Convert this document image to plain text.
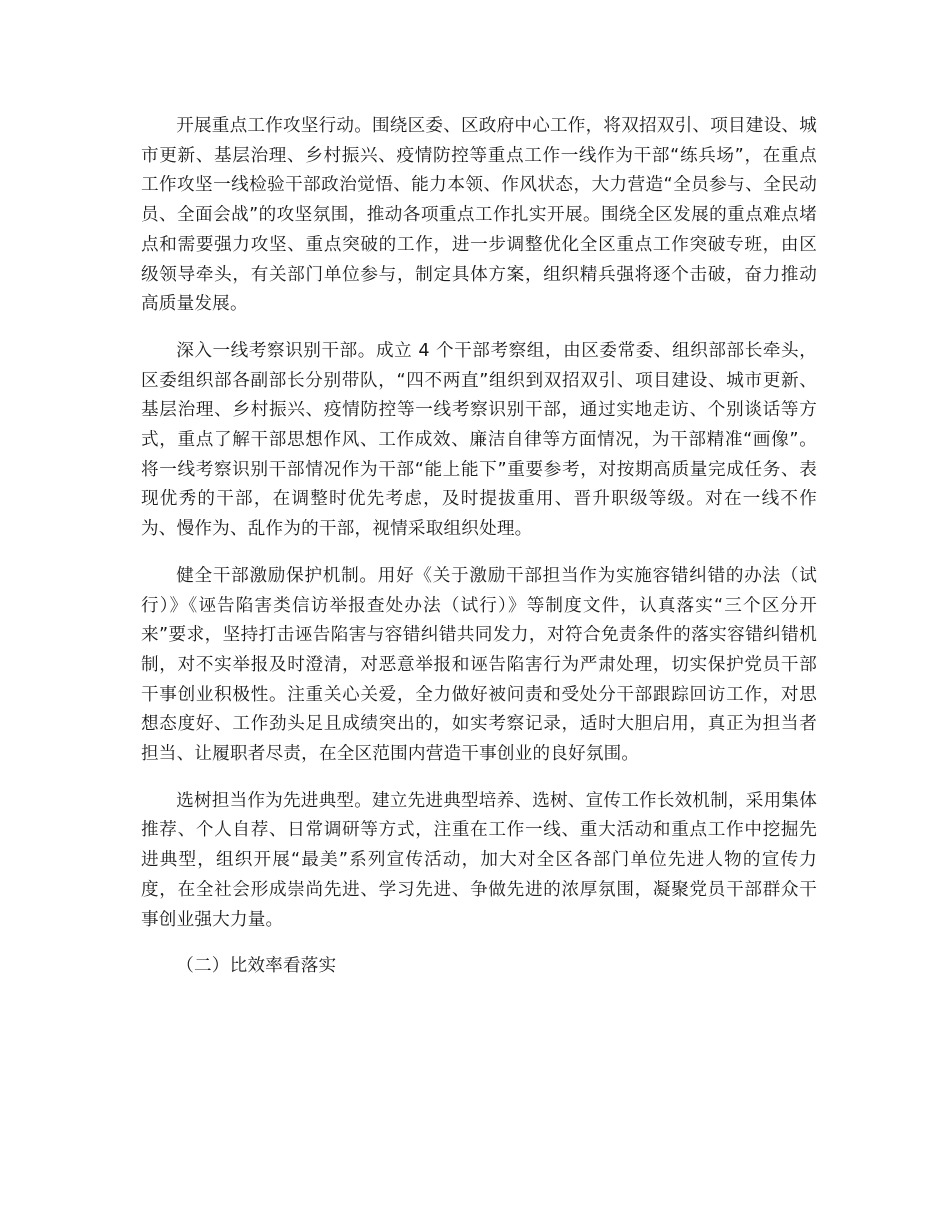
开展重点工作攻坚行动。围绕区委、区政府中心工作，将双招双引、项目建设、城市更新、基层治理、乡村振兴、疫情防控等重点工作一线作为干部“练兵场”，在重点工作攻坚一线检验干部政治觉悟、能力本领、作风状态，大力营造“全员参与、全民动员、全面会战”的攻坚氛围，推动各项重点工作扎实开展。围绕全区发展的重点难点堵点和需要强力攻坚、重点突破的工作，进一步调整优化全区重点工作突破专班，由区级领导牵头，有关部门单位参与，制定具体方案，组织精兵强将逐个击破，奋力推动高质量发展。

深入一线考察识别干部。成立 4 个干部考察组，由区委常委、组织部部长牵头，区委组织部各副部长分别带队，“四不两直”组织到双招双引、项目建设、城市更新、基层治理、乡村振兴、疫情防控等一线考察识别干部，通过实地走访、个别谈话等方式，重点了解干部思想作风、工作成效、廉洁自律等方面情况，为干部精准“画像”。将一线考察识别干部情况作为干部“能上能下”重要参考，对按期高质量完成任务、表现优秀的干部，在调整时优先考虑，及时提拔重用、晋升职级等级。对在一线不作为、慢作为、乱作为的干部，视情采取组织处理。

健全干部激励保护机制。用好《关于激励干部担当作为实施容错纠错的办法（试行）》《诬告陷害类信访举报查处办法（试行）》等制度文件，认真落实“三个区分开来”要求，坚持打击诬告陷害与容错纠错共同发力，对符合免责条件的落实容错纠错机制，对不实举报及时澄清，对恶意举报和诬告陷害行为严肃处理，切实保护党员干部干事创业积极性。注重关心关爱，全力做好被问责和受处分干部跟踪回访工作，对思想态度好、工作劲头足且成绩突出的，如实考察记录，适时大胆启用，真正为担当者担当、让履职者尽责，在全区范围内营造干事创业的良好氛围。

选树担当作为先进典型。建立先进典型培养、选树、宣传工作长效机制，采用集体推荐、个人自荐、日常调研等方式，注重在工作一线、重大活动和重点工作中挖掘先进典型，组织开展“最美”系列宣传活动，加大对全区各部门单位先进人物的宣传力度，在全社会形成崇尚先进、学习先进、争做先进的浓厚氛围，凝聚党员干部群众干事创业强大力量。

（二）比效率看落实
